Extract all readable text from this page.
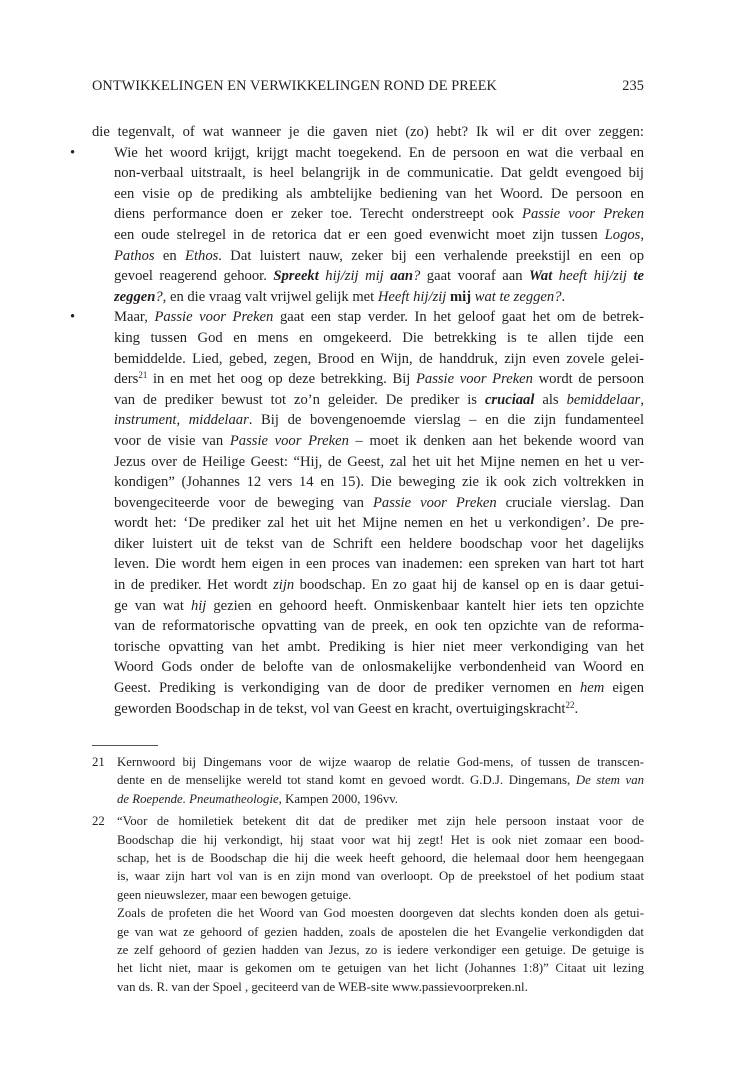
ONTWIKKELINGEN EN VERWIKKELINGEN ROND DE PREEK	235
die tegenvalt, of wat wanneer je die gaven niet (zo) hebt? Ik wil er dit over zeggen:
•	Wie het woord krijgt, krijgt macht toegekend. En de persoon en wat die verbaal en
non-verbaal uitstraalt, is heel belangrijk in de communicatie. Dat geldt evengoed bij
een visie op de prediking als ambtelijke bediening van het Woord. De persoon en
diens performance doen er zeker toe. Terecht onderstreept ook Passie voor Preken
een oude stelregel in de retorica dat er een goed evenwicht moet zijn tussen Logos,
Pathos en Ethos. Dat luistert nauw, zeker bij een verhalende preekstijl en een op
gevoel reagerend gehoor. Spreekt hij/zij mij aan? gaat vooraf aan Wat heeft hij/zij te
zeggen?, en die vraag valt vrijwel gelijk met Heeft hij/zij mij wat te zeggen?.
•	Maar, Passie voor Preken gaat een stap verder. In het geloof gaat het om de betrek-
king tussen God en mens en omgekeerd. Die betrekking is te allen tijde een
bemiddelde. Lied, gebed, zegen, Brood en Wijn, de handdruk, zijn even zovele gelei-
ders$^{21}$ in en met het oog op deze betrekking. Bij Passie voor Preken wordt de persoon
van de prediker bewust tot zo’n geleider. De prediker is cruciaal als bemiddelaar,
instrument, middelaar. Bij de bovengenoemde vierslag – en die zijn fundamenteel
voor de visie van Passie voor Preken – moet ik denken aan het bekende woord van
Jezus over de Heilige Geest: “Hij, de Geest, zal het uit het Mijne nemen en het u ver-
kondigen” (Johannes 12 vers 14 en 15). Die beweging zie ik ook zich voltrekken in
bovengeciteerde voor de beweging van Passie voor Preken cruciale vierslag. Dan
wordt het: ‘De prediker zal het uit het Mijne nemen en het u verkondigen’. De pre-
diker luistert uit de tekst van de Schrift een heldere boodschap voor het dagelijks
leven. Die wordt hem eigen in een proces van inademen: een spreken van hart tot hart
in de prediker. Het wordt zijn boodschap. En zo gaat hij de kansel op en is daar getui-
ge van wat hij gezien en gehoord heeft. Onmiskenbaar kantelt hier iets ten opzichte
van de reformatorische opvatting van de preek, en ook ten opzichte van de reforma-
torische opvatting van het ambt. Prediking is hier niet meer verkondiging van het
Woord Gods onder de belofte van de onlosmakelijke verbondenheid van Woord en
Geest. Prediking is verkondiging van de door de prediker vernomen en hem eigen
geworden Boodschap in de tekst, vol van Geest en kracht, overtuigingskracht$^{22}$.
21 Kernwoord bij Dingemans voor de wijze waarop de relatie God-mens, of tussen de transcen-
dente en de menselijke wereld tot stand komt en gevoed wordt. G.D.J. Dingemans, De stem van
de Roepende. Pneumatheologie, Kampen 2000, 196vv.
22 “Voor de homiletiek betekent dit dat de prediker met zijn hele persoon instaat voor de
Boodschap die hij verkondigt, hij staat voor wat hij zegt! Het is ook niet zomaar een bood-
schap, het is de Boodschap die hij die week heeft gehoord, die helemaal door hem heengegaan
is, waar zijn hart vol van is en zijn mond van overloopt. Op de preekstoel of het podium staat
geen nieuwslezer, maar een bewogen getuige.
Zoals de profeten die het Woord van God moesten doorgeven dat slechts konden doen als getui-
ge van wat ze gehoord of gezien hadden, zoals de apostelen die het Evangelie verkondigden dat
ze zelf gehoord of gezien hadden van Jezus, zo is iedere verkondiger een getuige. De getuige is
het licht niet, maar is gekomen om te getuigen van het licht (Johannes 1:8)” Citaat uit lezing
van ds. R. van der Spoel , geciteerd van de WEB-site www.passievoorpreken.nl.
